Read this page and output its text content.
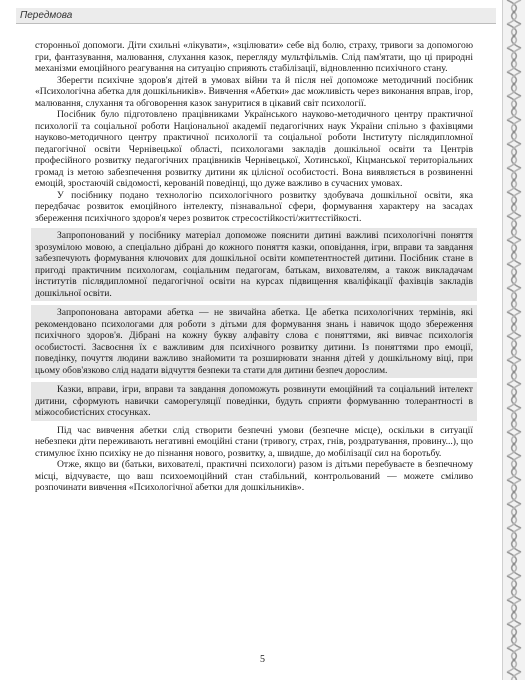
Передмова

сторонньої допомоги. Діти схильні «лікувати», «зцілювати» себе від болю, страху, тривоги за допомогою гри, фантазування, малювання, слухання казок, перегляду мультфільмів. Слід пам'ятати, що ці природні механізми емоційного реагування на ситуацію сприяють стабілізації, відновленню психічного стану.

Зберегти психічне здоров'я дітей в умовах війни та й після неї допоможе методичний посібник «Психологічна абетка для дошкільників». Вивчення «Абетки» дає можливість через виконання вправ, ігор, малювання, слухання та обговорення казок зануритися в цікавий світ психології.

Посібник було підготовлено працівниками Українського науково-методичного центру практичної психології та соціальної роботи Національної академії педагогічних наук України спільно з фахівцями науково-методичного центру практичної психології та соціальної роботи Інституту післядипломної педагогічної освіти Чернівецької області, психологами закладів дошкільної освіти та Центрів професійного розвитку педагогічних працівників Чернівецької, Хотинської, Кіцманської територіальних громад із метою забезпечення розвитку дитини як цілісної особистості. Вона виявляється в розвиненні емоцій, зростаючій свідомості, керованій поведінці, що дуже важливо в сучасних умовах.

У посібнику подано технологію психологічного розвитку здобувача дошкільної освіти, яка передбачає розвиток емоційного інтелекту, пізнавальної сфери, формування характеру на засадах збереження психічного здоров'я через розвиток стресостійкості/життєстійкості.

Запропонований у посібнику матеріал допоможе пояснити дитині важливі психологічні поняття зрозумілою мовою, а спеціально дібрані до кожного поняття казки, оповідання, ігри, вправи та завдання забезпечують формування ключових для дошкільної освіти компетентностей дитини. Посібник стане в пригоді практичним психологам, соціальним педагогам, батькам, вихователям, а також викладачам інститутів післядипломної педагогічної освіти на курсах підвищення кваліфікації фахівців закладів дошкільної освіти.

Запропонована авторами абетка — не звичайна абетка. Це абетка психологічних термінів, які рекомендовано психологами для роботи з дітьми для формування знань і навичок щодо збереження психічного здоров'я. Дібрані на кожну букву алфавіту слова є поняттями, які вивчає психологія особистості. Засвоєння їх є важливим для психічного розвитку дитини. Із поняттями про емоції, поведінку, почуття людини важливо знайомити та розширювати знання дітей у дошкільному віці, при цьому обов'язково слід надати відчуття безпеки та стати для дитини безпеч дорослим.

Казки, вправи, ігри, вправи та завдання допоможуть розвинути емоційний та соціальний інтелект дитини, сформують навички саморегуляції поведінки, будуть сприяти формуванню толерантності в міжособистісних стосунках.

Під час вивчення абетки слід створити безпечні умови (безпечне місце), оскільки в ситуації небезпеки діти переживають негативні емоційні стани (тривогу, страх, гнів, роздратування, провину...), що стимулює їхню психіку не до пізнання нового, розвитку, а, швидше, до мобілізації сил на боротьбу.

Отже, якщо ви (батьки, вихователі, практичні психологи) разом із дітьми перебуваєте в безпечному місці, відчуваєте, що ваш психоемоційний стан стабільний, контрольований — можете сміливо розпочинати вивчення «Психологічної абетки для дошкільників».

5
